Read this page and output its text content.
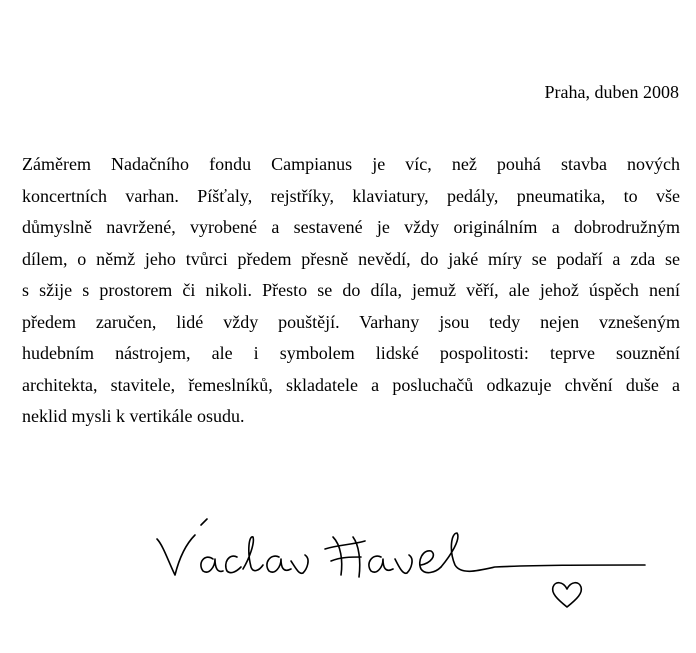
Praha, duben 2008
Záměrem Nadačního fondu Campianus je víc, než pouhá stavba nových
koncertních varhan. Píšťaly, rejstříky, klaviatury, pedály, pneumatika, to vše
důmyslně navržené, vyrobené a sestavené je vždy originálním a dobrodružným
dílem, o němž jeho tvůrci předem přesně nevědí, do jaké míry se podaří a zda se
s sžije s prostorem či nikoli. Přesto se do díla, jemuž věří, ale jehož úspěch není
předem zaručen, lidé vždy pouštějí. Varhany jsou tedy nejen vznešeným
hudebním nástrojem, ale i symbolem lidské pospolitosti: teprve souznění
architekta, stavitele, řemeslníků, skladatele a posluchačů odkazuje chvění duše a
neklid mysli k vertikále osudu.
